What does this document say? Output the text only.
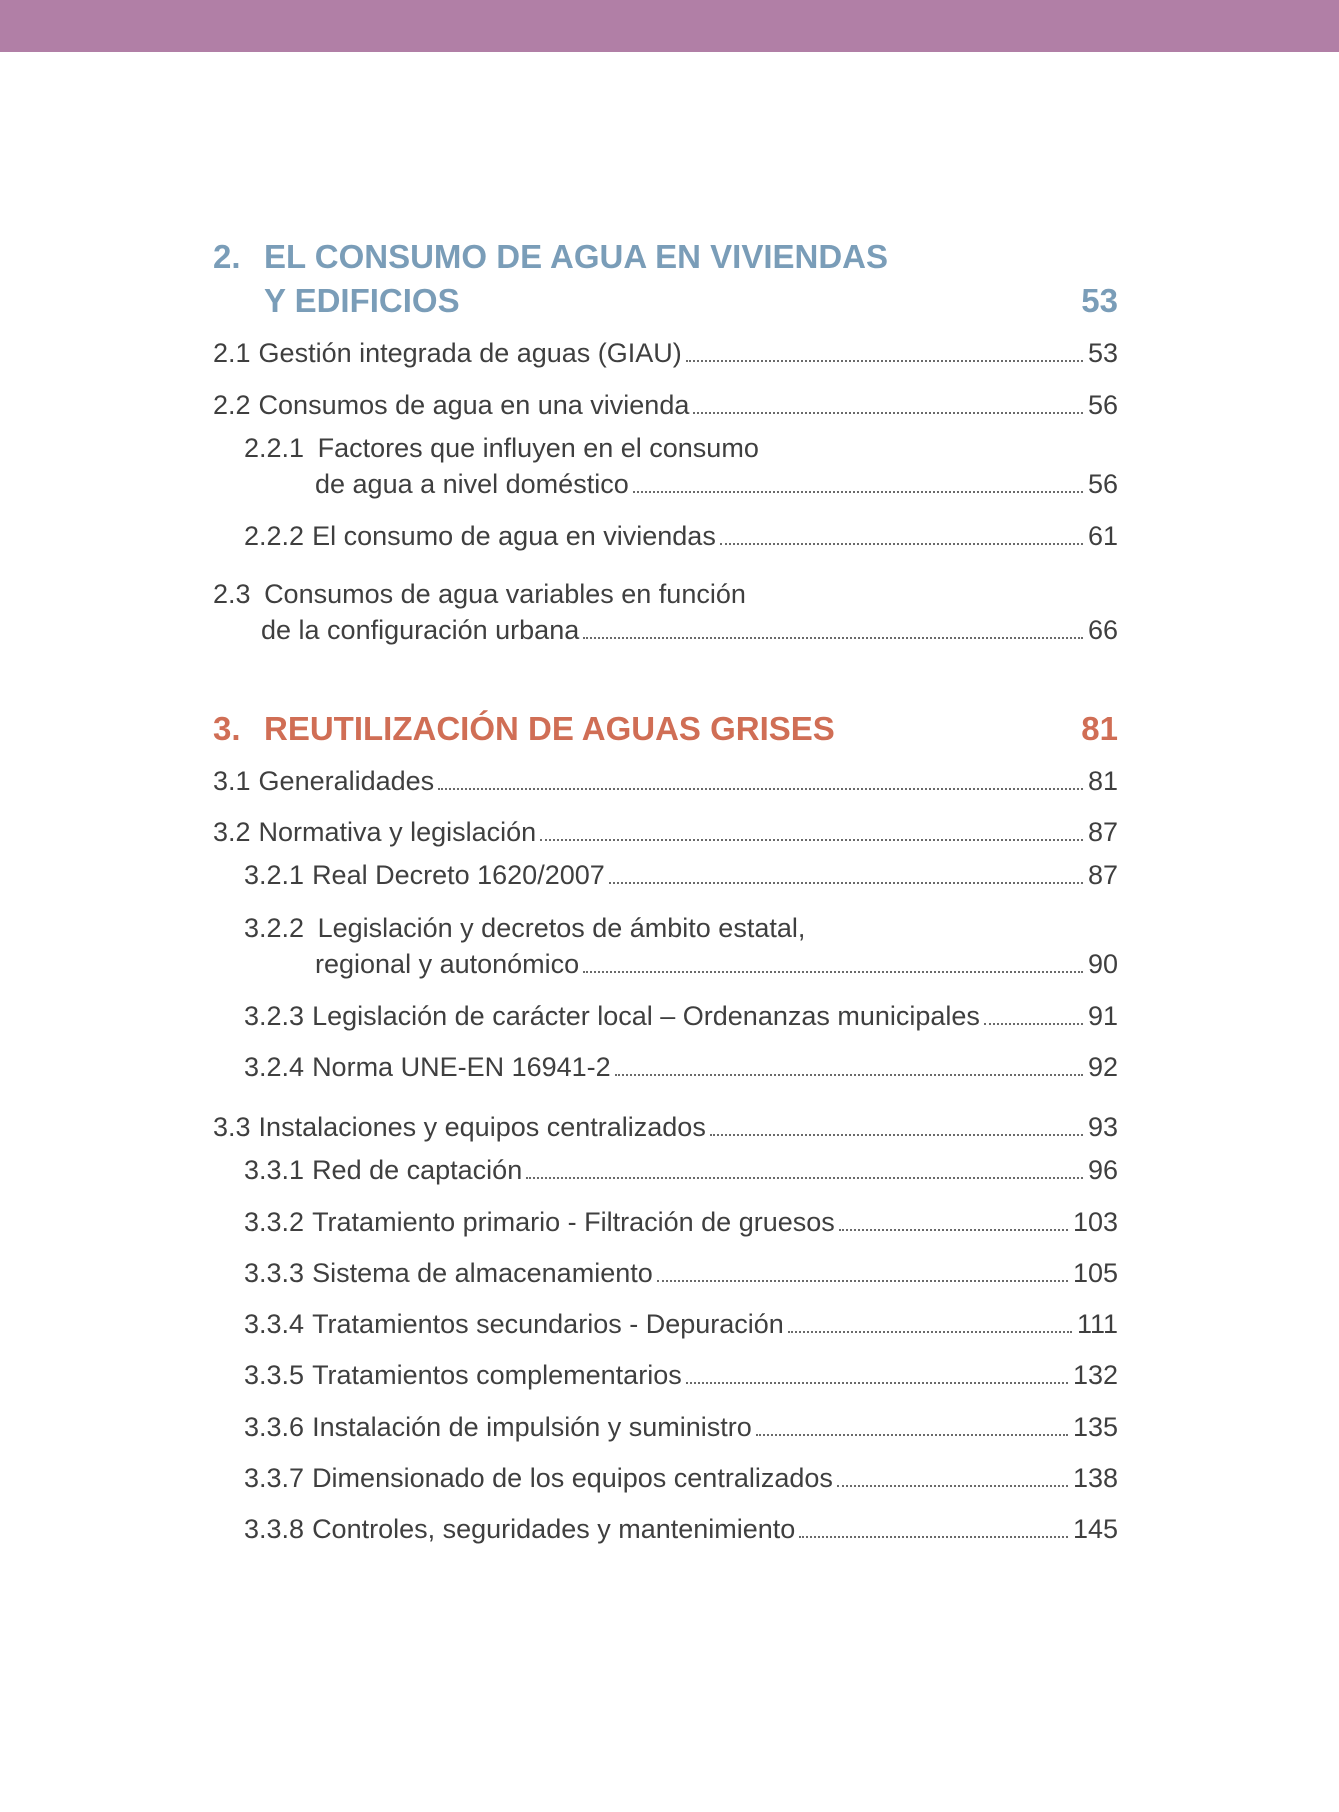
2. EL CONSUMO DE AGUA EN VIVIENDAS
Y EDIFICIOS	53
2.1 Gestión integrada de aguas (GIAU)	53
2.2 Consumos de agua en una vivienda	56
2.2.1 Factores que influyen en el consumo
de agua a nivel doméstico	56
2.2.2 El consumo de agua en viviendas	61
2.3 Consumos de agua variables en función
de la configuración urbana	66
3. REUTILIZACIÓN DE AGUAS GRISES	81
3.1 Generalidades	81
3.2 Normativa y legislación	87
3.2.1 Real Decreto 1620/2007	87
3.2.2 Legislación y decretos de ámbito estatal,
regional y autonómico	90
3.2.3 Legislación de carácter local – Ordenanzas municipales	91
3.2.4 Norma UNE-EN 16941-2	92
3.3 Instalaciones y equipos centralizados	93
3.3.1 Red de captación	96
3.3.2 Tratamiento primario - Filtración de gruesos	103
3.3.3 Sistema de almacenamiento	105
3.3.4 Tratamientos secundarios - Depuración	111
3.3.5 Tratamientos complementarios	132
3.3.6 Instalación de impulsión y suministro	135
3.3.7 Dimensionado de los equipos centralizados	138
3.3.8 Controles, seguridades y mantenimiento	145
